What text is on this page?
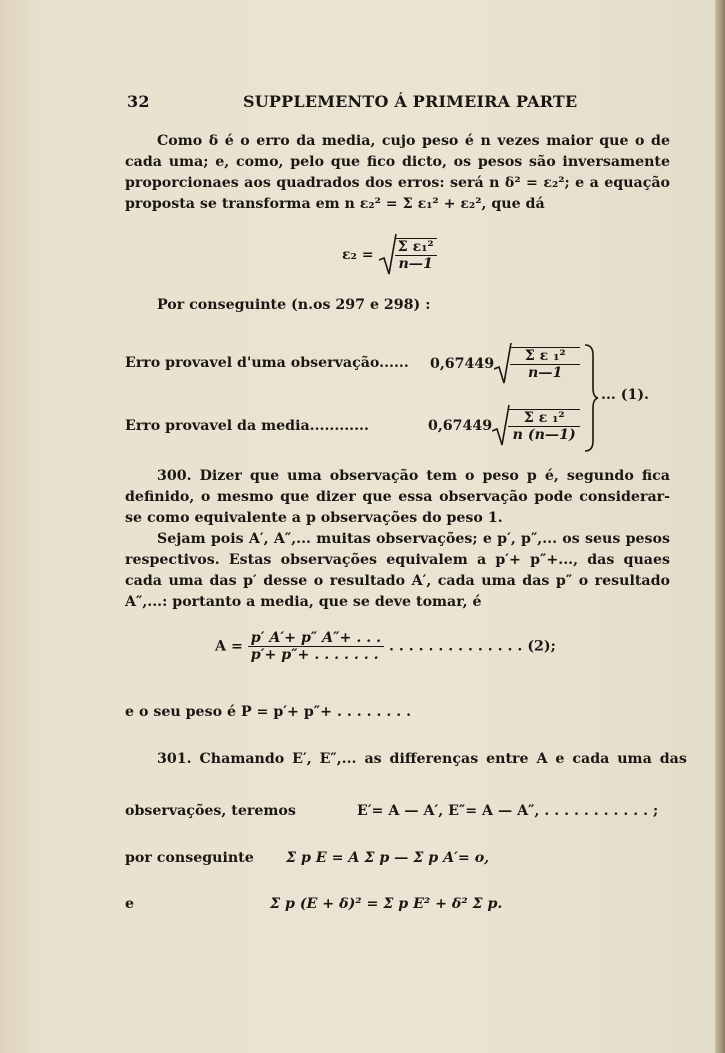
32	SUPPLEMENTO Á PRIMEIRA PARTE
Como δ é o erro da media, cujo peso é n vezes maior que o de cada uma; e, como, pelo que fico dicto, os pesos são inversamente proporcionaes aos quadrados dos erros: será n δ² = ε₂²; e a equação proposta se transforma em n ε₂² = Σ ε₁² + ε₂², que dá
$\varepsilon_2 = \frac{\text{Σ ε₁²}}{n—1}$
Por conseguinte (n.os 297 e 298) :
Erro provavel d'uma observação...... $0,67449 \frac{\text{Σ ε ₁²}}{n—1}$
Erro provavel da media............	$0,67449 \frac{\text{Σ ε ₁²}}{n (n—1)}$
... (1).
300. Dizer que uma observação tem o peso p é, segundo fica definido, o mesmo que dizer que essa observação pode considerar-se como equivalente a p observações do peso 1.
Sejam pois A′, A″,... muitas observações; e p′, p″,... os seus pesos respectivos. Estas observações equivalem a p′+ p″+..., das quaes cada uma das p′ desse o resultado A′, cada uma das p″ o resultado A″,...: portanto a media, que se deve tomar, é
$A = \frac{p' A'+ p'' A''+ . . .}{p'+ p''+ . . . . . . .}$ . . . . . . . . . . . . . . (2);
e o seu peso é P = p′+ p″+ . . . . . . . .
301. Chamando E′, E″,... as differenças entre A e cada uma das
observações, teremos	E′= A — A′, E″= A — A″, . . . . . . . . . . . ;
por conseguinte Σ p E = A Σ p — Σ p A′= o,
e	Σ p (E + δ)² = Σ p E² + δ² Σ p.
